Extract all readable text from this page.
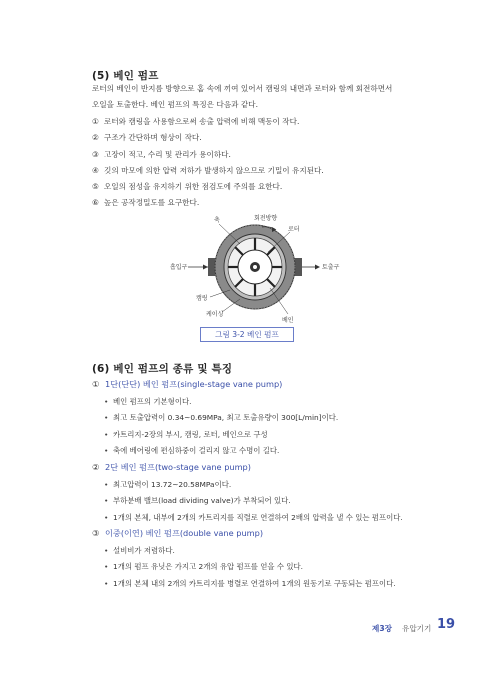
(5) 베인 펌프
로터의 베인이 반지름 방향으로 홈 속에 끼여 있어서 캠링의 내면과 로터와 함께 회전하면서
오일을 토출한다. 베인 펌프의 특징은 다음과 같다.
① 로터와 캠링을 사용함으로써 송출 압력에 비해 맥동이 작다.
② 구조가 간단하며 형상이 작다.
③ 고장이 적고, 수리 및 관리가 용이하다.
④ 깃의 마모에 의한 압력 저하가 발생하지 않으므로 기밀이 유지된다.
⑤ 오일의 점성을 유지하기 위한 점검도에 주의를 요한다.
⑥ 높은 공작정밀도를 요구한다.
축	회전방향
로터
흡입구	토출구
캠링
케이싱
베인
그림 3-2 베인 펌프
(6) 베인 펌프의 종류 및 특징
① 1단(단단) 베인 펌프(single-stage vane pump)
• 베인 펌프의 기본형이다.
• 최고 토출압력이 0.34~0.69MPa, 최고 토출유량이 300[L/min]이다.
• 카트리지-2장의 부시, 캠링, 로터, 베인으로 구성
• 축에 베어링에 편심하중이 걸리지 않고 수명이 길다.
② 2단 베인 펌프(two-stage vane pump)
• 최고압력이 13.72~20.58MPa이다.
• 부하분배 밸브(load dividing valve)가 부착되어 있다.
• 1개의 본체, 내부에 2개의 카트리지를 직렬로 연결하여 2배의 압력을 낼 수 있는 펌프이다.
③ 이중(이연) 베인 펌프(double vane pump)
• 설비비가 저렴하다.
• 1개의 펌프 유닛은 가지고 2개의 유압 펌프를 얻을 수 있다.
• 1개의 본체 내의 2개의 카트리지를 병렬로 연결하여 1개의 원동기로 구동되는 펌프이다.
제3장 유압기기 19
